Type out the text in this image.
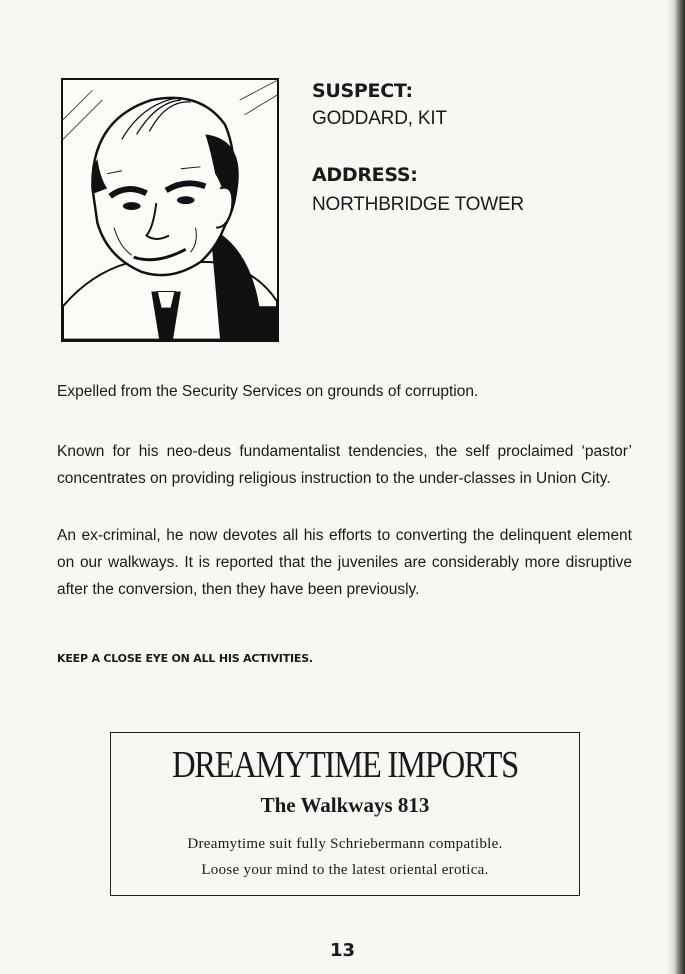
SUSPECT:
GODDARD, KIT
ADDRESS:
NORTHBRIDGE TOWER
Expelled from the Security Services on grounds of corruption.
Known for his neo-deus fundamentalist tendencies, the self proclaimed ‘pastor’ concentrates on providing religious instruction to the under-classes in Union City.
An ex-criminal, he now devotes all his efforts to converting the delinquent element on our walkways. It is reported that the juveniles are considerably more disruptive after the conversion, then they have been previously.
KEEP A CLOSE EYE ON ALL HIS ACTIVITIES.
DREAMYTIME IMPORTS
The Walkways 813
Dreamytime suit fully Schriebermann compatible.
Loose your mind to the latest oriental erotica.
13
